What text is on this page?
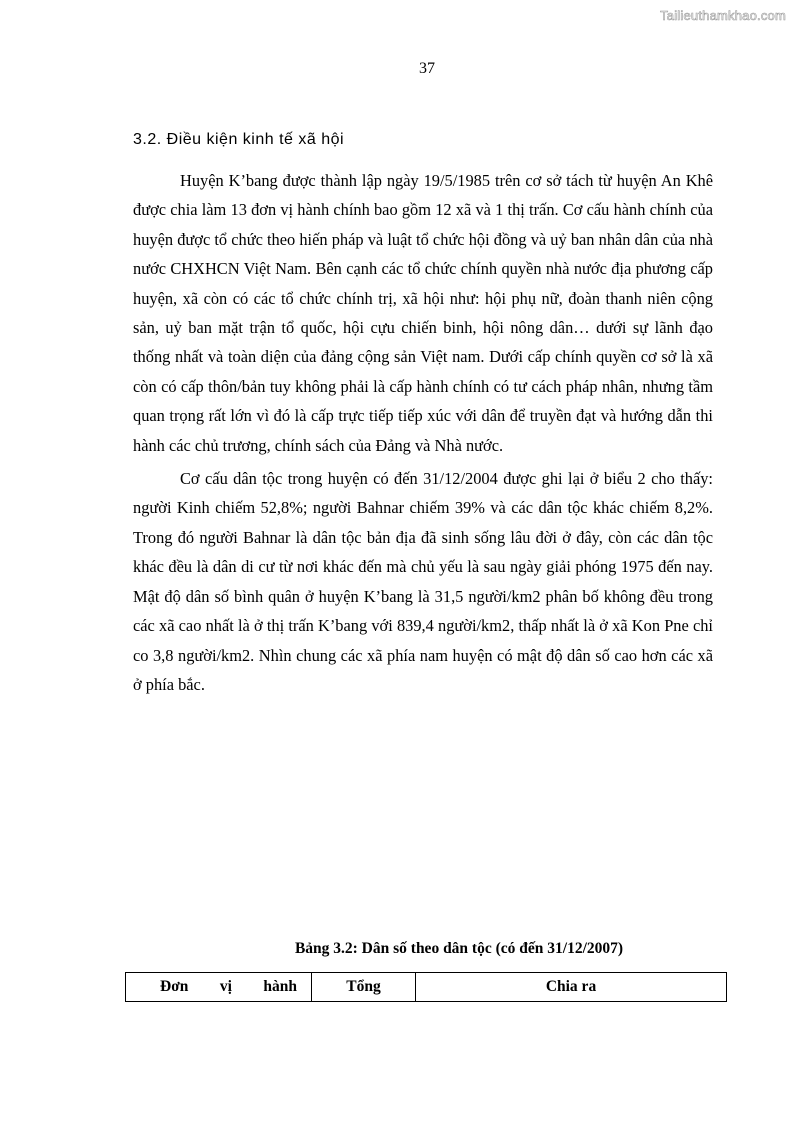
Tailieuthamkhao.com
37
3.2. Điều kiện kinh tế xã hội

Huyện K’bang được thành lập ngày 19/5/1985 trên cơ sở tách từ huyện An Khê được chia làm 13 đơn vị hành chính bao gồm 12 xã và 1 thị trấn. Cơ cấu hành chính của huyện được tổ chức theo hiến pháp và luật tổ chức hội đồng và uỷ ban nhân dân của nhà nước CHXHCN Việt Nam. Bên cạnh các tổ chức chính quyền nhà nước địa phương cấp huyện, xã còn có các tổ chức chính trị, xã hội như: hội phụ nữ, đoàn thanh niên cộng sản, uỷ ban mặt trận tổ quốc, hội cựu chiến binh, hội nông dân… dưới sự lãnh đạo thống nhất và toàn diện của đảng cộng sản Việt nam. Dưới cấp chính quyền cơ sở là xã còn có cấp thôn/bản tuy không phải là cấp hành chính có tư cách pháp nhân, nhưng tầm quan trọng rất lớn vì đó là cấp trực tiếp tiếp xúc với dân để truyền đạt và hướng dẫn thi hành các chủ trương, chính sách của Đảng và Nhà nước.

Cơ cấu dân tộc trong huyện có đến 31/12/2004 được ghi lại ở biểu 2 cho thấy: người Kinh chiếm 52,8%; người Bahnar chiếm 39% và các dân tộc khác chiếm 8,2%. Trong đó người Bahnar là dân tộc bản địa đã sinh sống lâu đời ở đây, còn các dân tộc khác đều là dân di cư từ nơi khác đến mà chủ yếu là sau ngày giải phóng 1975 đến nay. Mật độ dân số bình quân ở huyện K’bang là 31,5 người/km2 phân bố không đều trong các xã cao nhất là ở thị trấn K’bang với 839,4 người/km2, thấp nhất là ở xã Kon Pne chỉ co 3,8 người/km2. Nhìn chung các xã phía nam huyện có mật độ dân số cao hơn các xã ở phía bắc.

Bảng 3.2: Dân số theo dân tộc (có đến 31/12/2007)
Đơn vị hành	Tổng	Chia ra
